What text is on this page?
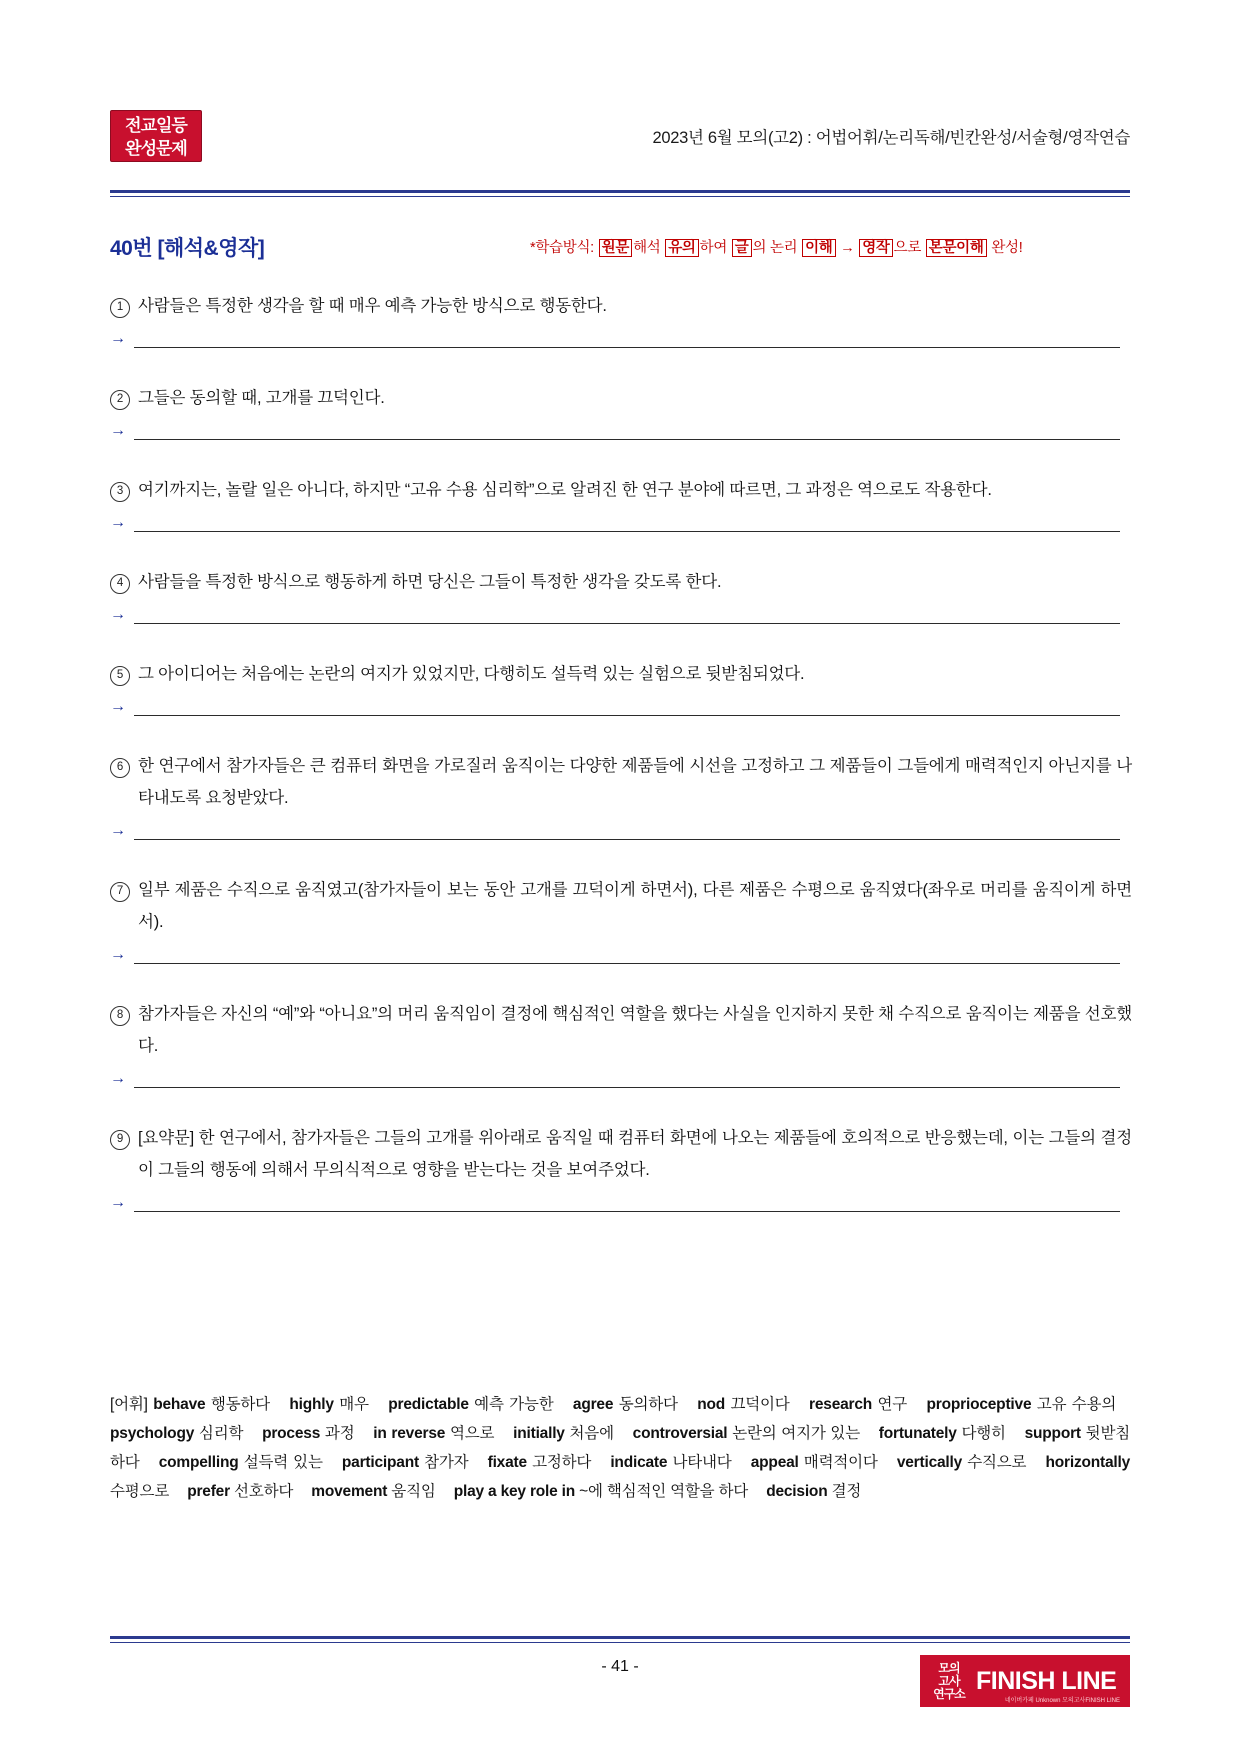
전교일등
완성문제
2023년 6월 모의(고2) : 어법어휘/논리독해/빈칸완성/서술형/영작연습
40번 [해석&영작]	*학습방식: 원문 해석 유의 하여 글 의 논리 이해 → 영작 으로 본문이해 완성!
1 사람들은 특정한 생각을 할 때 매우 예측 가능한 방식으로 행동한다.
→
2 그들은 동의할 때, 고개를 끄덕인다.
→
3 여기까지는, 놀랄 일은 아니다, 하지만 “고유 수용 심리학”으로 알려진 한 연구 분야에 따르면, 그 과정은 역으로도 작용한다.
→
4 사람들을 특정한 방식으로 행동하게 하면 당신은 그들이 특정한 생각을 갖도록 한다.
→
5 그 아이디어는 처음에는 논란의 여지가 있었지만, 다행히도 설득력 있는 실험으로 뒷받침되었다.
→
6 한 연구에서 참가자들은 큰 컴퓨터 화면을 가로질러 움직이는 다양한 제품들에 시선을 고정하고 그 제품들이 그들에게 매력적인지 아닌지를 나타내도록 요청받았다.
→
7 일부 제품은 수직으로 움직였고(참가자들이 보는 동안 고개를 끄덕이게 하면서), 다른 제품은 수평으로 움직였다(좌우로 머리를 움직이게 하면서).
→
8 참가자들은 자신의 “예”와 “아니요”의 머리 움직임이 결정에 핵심적인 역할을 했다는 사실을 인지하지 못한 채 수직으로 움직이는 제품을 선호했다.
→
9 [요약문] 한 연구에서, 참가자들은 그들의 고개를 위아래로 움직일 때 컴퓨터 화면에 나오는 제품들에 호의적으로 반응했는데, 이는 그들의 결정이 그들의 행동에 의해서 무의식적으로 영향을 받는다는 것을 보여주었다.
→
[어휘] behave 행동하다 highly 매우 predictable 예측 가능한 agree 동의하다 nod 끄덕이다 research 연구 proprioceptive 고유 수용의 psychology 심리학 process 과정 in reverse 역으로 initially 처음에 controversial 논란의 여지가 있는 fortunately 다행히 support 뒷받침하다 compelling 설득력 있는 participant 참가자 fixate 고정하다 indicate 나타내다 appeal 매력적이다 vertically 수직으로 horizontally 수평으로 prefer 선호하다 movement 움직임 play a key role in ~에 핵심적인 역할을 하다 decision 결정
- 41 -	모의
고사
연구소 FINISH LINE
네이버카페 Unknown 모의고사FINISH LINE
